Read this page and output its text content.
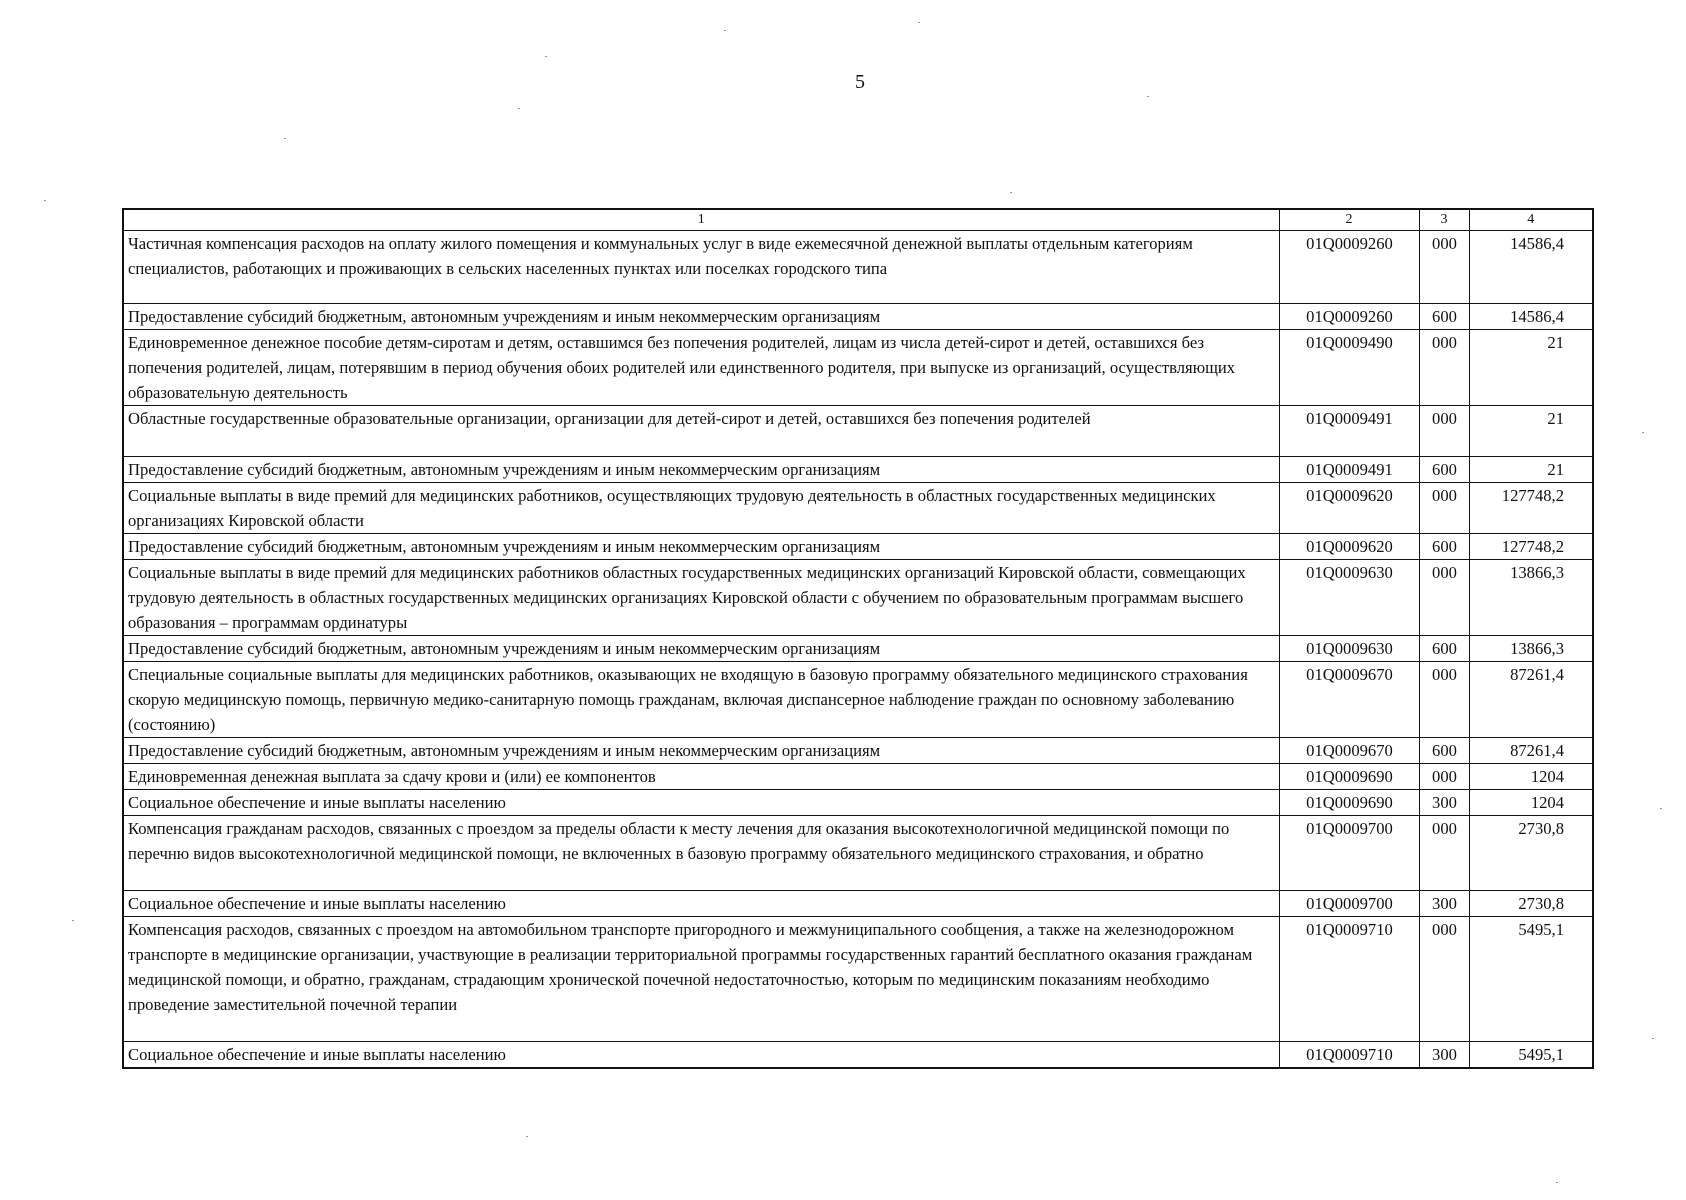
5
1	2	3	4
Частичная компенсация расходов на оплату жилого помещения и коммунальных услуг в виде ежемесячной денежной выплаты отдельным категориям специалистов, работающих и проживающих в сельских населенных пунктах или поселках городского типа	01Q0009260	000	14586,4
Предоставление субсидий бюджетным, автономным учреждениям и иным некоммерческим организациям	01Q0009260	600	14586,4
Единовременное денежное пособие детям-сиротам и детям, оставшимся без попечения родителей, лицам из числа детей-сирот и детей, оставшихся без попечения родителей, лицам, потерявшим в период обучения обоих родителей или единственного родителя, при выпуске из организаций, осуществляющих образовательную деятельность	01Q0009490	000	21
Областные государственные образовательные организации, организации для детей-сирот и детей, оставшихся без попечения родителей	01Q0009491	000	21
Предоставление субсидий бюджетным, автономным учреждениям и иным некоммерческим организациям	01Q0009491	600	21
Социальные выплаты в виде премий для медицинских работников, осуществляющих трудовую деятельность в областных государственных медицинских организациях Кировской области	01Q0009620	000	127748,2
Предоставление субсидий бюджетным, автономным учреждениям и иным некоммерческим организациям	01Q0009620	600	127748,2
Социальные выплаты в виде премий для медицинских работников областных государственных медицинских организаций Кировской области, совмещающих трудовую деятельность в областных государственных медицинских организациях Кировской области с обучением по образовательным программам высшего образования – программам ординатуры	01Q0009630	000	13866,3
Предоставление субсидий бюджетным, автономным учреждениям и иным некоммерческим организациям	01Q0009630	600	13866,3
Специальные социальные выплаты для медицинских работников, оказывающих не входящую в базовую программу обязательного медицинского страхования скорую медицинскую помощь, первичную медико-санитарную помощь гражданам, включая диспансерное наблюдение граждан по основному заболеванию (состоянию)	01Q0009670	000	87261,4
Предоставление субсидий бюджетным, автономным учреждениям и иным некоммерческим организациям	01Q0009670	600	87261,4
Единовременная денежная выплата за сдачу крови и (или) ее компонентов	01Q0009690	000	1204
Социальное обеспечение и иные выплаты населению	01Q0009690	300	1204
Компенсация гражданам расходов, связанных с проездом за пределы области к месту лечения для оказания высокотехнологичной медицинской помощи по перечню видов высокотехнологичной медицинской помощи, не включенных в базовую программу обязательного медицинского страхования, и обратно	01Q0009700	000	2730,8
Социальное обеспечение и иные выплаты населению	01Q0009700	300	2730,8
Компенсация расходов, связанных с проездом на автомобильном транспорте пригородного и межмуниципального сообщения, а также на железнодорожном транспорте в медицинские организации, участвующие в реализации территориальной программы государственных гарантий бесплатного оказания гражданам медицинской помощи, и обратно, гражданам, страдающим хронической почечной недостаточностью, которым по медицинским показаниям необходимо проведение заместительной почечной терапии	01Q0009710	000	5495,1
Социальное обеспечение и иные выплаты населению	01Q0009710	300	5495,1
